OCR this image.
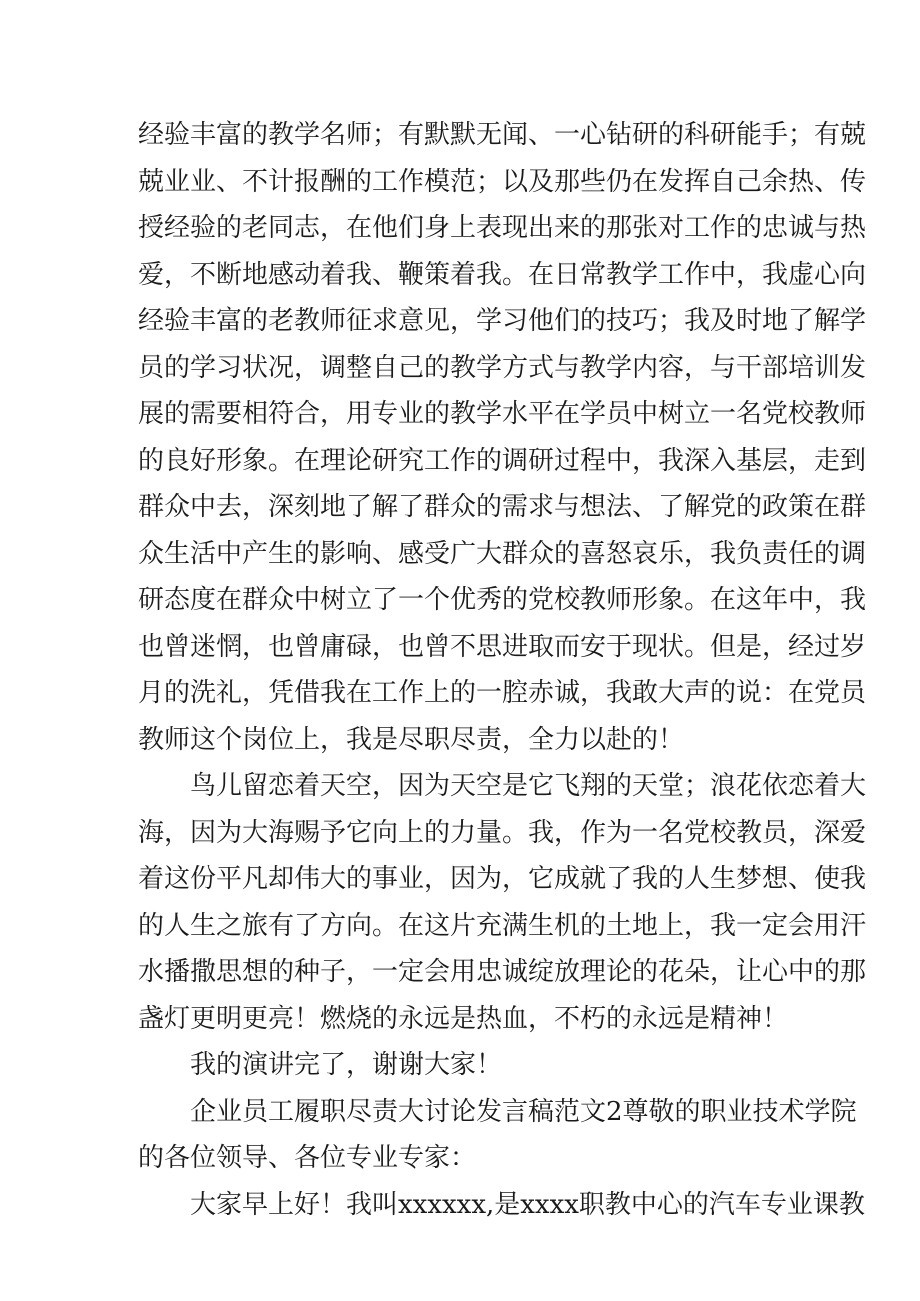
经验丰富的教学名师；有默默无闻、一心钻研的科研能手；有兢
兢业业、不计报酬的工作模范；以及那些仍在发挥自己余热、传
授经验的老同志，在他们身上表现出来的那张对工作的忠诚与热
爱，不断地感动着我、鞭策着我。在日常教学工作中，我虚心向
经验丰富的老教师征求意见，学习他们的技巧；我及时地了解学
员的学习状况，调整自己的教学方式与教学内容，与干部培训发
展的需要相符合，用专业的教学水平在学员中树立一名党校教师
的良好形象。在理论研究工作的调研过程中，我深入基层，走到
群众中去，深刻地了解了群众的需求与想法、了解党的政策在群
众生活中产生的影响、感受广大群众的喜怒哀乐，我负责任的调
研态度在群众中树立了一个优秀的党校教师形象。在这年中，我
也曾迷惘，也曾庸碌，也曾不思进取而安于现状。但是，经过岁
月的洗礼，凭借我在工作上的一腔赤诚，我敢大声的说：在党员
教师这个岗位上，我是尽职尽责，全力以赴的！
鸟儿留恋着天空，因为天空是它飞翔的天堂；浪花依恋着大
海，因为大海赐予它向上的力量。我，作为一名党校教员，深爱
着这份平凡却伟大的事业，因为，它成就了我的人生梦想、使我
的人生之旅有了方向。在这片充满生机的土地上，我一定会用汗
水播撒思想的种子，一定会用忠诚绽放理论的花朵，让心中的那
盏灯更明更亮！燃烧的永远是热血，不朽的永远是精神！
我的演讲完了，谢谢大家！
企业员工履职尽责大讨论发言稿范文2尊敬的职业技术学院
的各位领导、各位专业专家：
大家早上好！我叫xxxxxx,是xxxx职教中心的汽车专业课教
